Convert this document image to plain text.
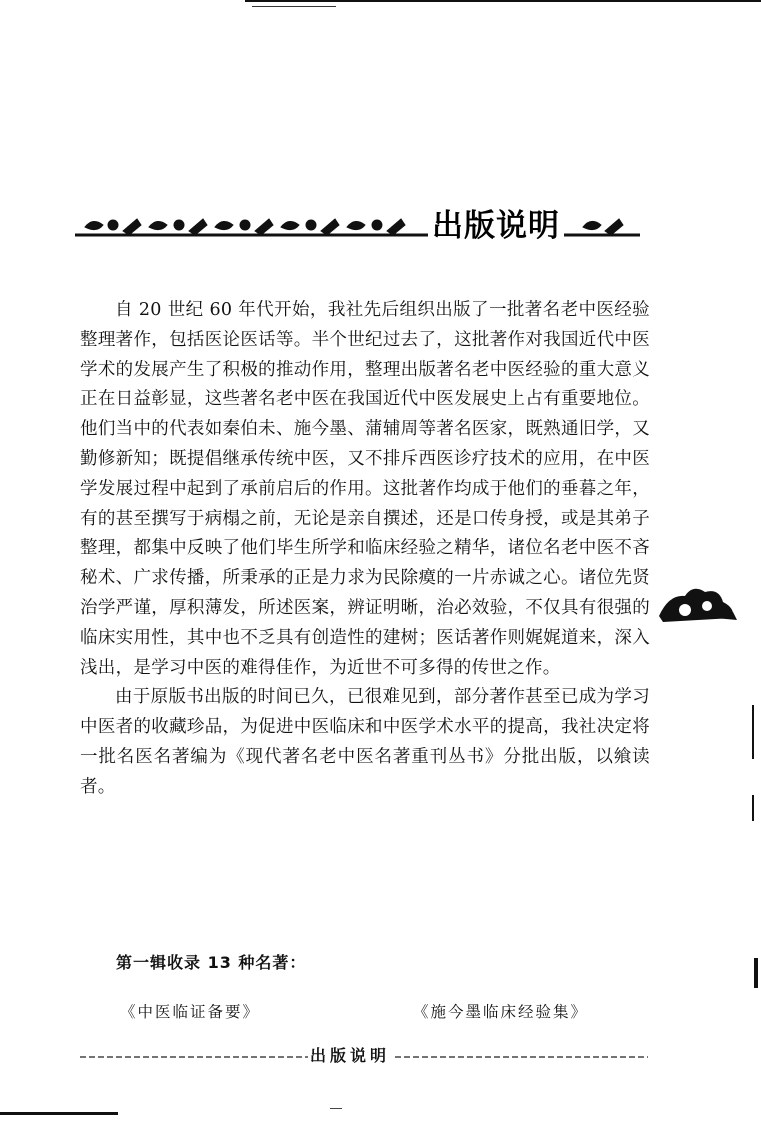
出版说明

自 20 世纪 60 年代开始，我社先后组织出版了一批著名老中医经验整理著作，包括医论医话等。半个世纪过去了，这批著作对我国近代中医学术的发展产生了积极的推动作用，整理出版著名老中医经验的重大意义正在日益彰显，这些著名老中医在我国近代中医发展史上占有重要地位。他们当中的代表如秦伯未、施今墨、蒲辅周等著名医家，既熟通旧学，又勤修新知；既提倡继承传统中医，又不排斥西医诊疗技术的应用，在中医学发展过程中起到了承前启后的作用。这批著作均成于他们的垂暮之年，有的甚至撰写于病榻之前，无论是亲自撰述，还是口传身授，或是其弟子整理，都集中反映了他们毕生所学和临床经验之精华，诸位名老中医不吝秘术、广求传播，所秉承的正是力求为民除瘼的一片赤诚之心。诸位先贤治学严谨，厚积薄发，所述医案，辨证明晰，治必效验，不仅具有很强的临床实用性，其中也不乏具有创造性的建树；医话著作则娓娓道来，深入浅出，是学习中医的难得佳作，为近世不可多得的传世之作。

由于原版书出版的时间已久，已很难见到，部分著作甚至已成为学习中医者的收藏珍品，为促进中医临床和中医学术水平的提高，我社决定将一批名医名著编为《现代著名老中医名著重刊丛书》分批出版，以飨读者。

第一辑收录 13 种名著：
《中医临证备要》	《施今墨临床经验集》
出版说明
